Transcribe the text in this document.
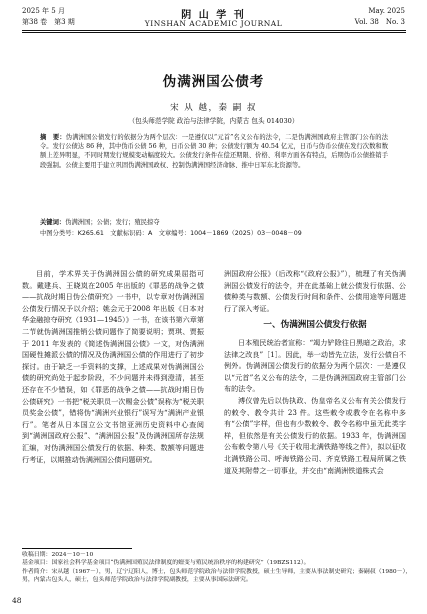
2025 年 5 月
第38 卷　第3 期
阴 山 学 刊
YINSHAN ACADEMIC JOURNAL
May. 2025
Vol. 38　No. 3
伪满洲国公债考
宋 从 越，秦 嗣 叔
（包头师范学院 政治与法律学院，内蒙古 包头 014030）
摘　要：伪满洲国公债发行的依据分为两个层次：一是遵仅以“元首”名义公布的法令，二是伪满洲国政府主管部门公布的法令。发行公债达 86 种，其中伪币公债 56 种，日币公债 30 种；公债发行额为 40.54 亿元，日币与伪币公债在发行次数和数额上差异明显，不同时期发行规模变动幅度较大。公债发行条件在偿还期限、价格、利率方面各有特点，后期伪币公债推销手段强制。公债主要用于建立巩固伪满洲国政权、控制伪满洲国经济命脉、推中日军东北资源等。
关键词：伪满洲国；公债；发行；殖民掠夺
中图分类号：K265.61　文献标识码：A　文章编号：1004－1869（2025）03－0048－09

目前，学术界关于伪满洲国公债的研究成果屈指可数。戴建兵、王晓岚在2005 年出版的《罪恶的战争之债——抗战时期日伪公债研究》一书中，以专章对伪满洲国公债发行情况予以介绍；姚会元于2008 年出版《日本对华金融掠夺研究（1931—1945）》一书，在该书第六章第二节就伪满洲国推销公债问题作了简要说明；贾琪、贾振于 2011 年发表的《简述伪满洲国公债》一文，对伪满洲国硬性摊派公债的情况及伪满洲国公债的作用进行了初步探讨。由于缺乏一手资料的支撑，上述成果对伪满洲国公债的研究尚处于起步阶段，不少问题并未得到澄清，甚至还存在不少错误，如《罪恶的战争之债——抗战时期日伪公债研究》一书把“税关职员一次赐金公债”误称为“税关职员奖金公债”，错将伪“满洲兴业银行”误写为“满洲产业银行”。笔者从日本国立公文书馆亚洲历史资料中心查阅到“满洲国政府公报”、“满洲国公报”及伪满洲国所存法规汇编，对伪满洲国公债发行的依据、种类、数额等问题进行考证，以期推动伪满洲国公债问题研究。

洲国政府公报》（后改称“《政府公报》”），梳理了有关伪满洲国公债发行的法令，并在此基础上就公债发行依据、公债种类与数额、公债发行时间和条件、公债用途等问题进行了深入考证。

一、伪满洲国公债发行依据

日本殖民统治者宣称：“竭力铲除往日黑暗之政治，求法律之改良”［1］。因此，举一动皆先立法，发行公债自不例外。伪满洲国公债发行的依据分为两个层次：一是遵仅以“元首”名义公布的法令，二是伪满洲国政府主管部门公布的法令。

溥仪曾先后以伪执政、伪皇帝名义公布有关公债发行的敕令、教令共计 23 件。这些敕令或教令在名称中多有“公债”字样，但也有少数敕令、教令名称中虽无此类字样，但依然是有关公债发行的依据。1933 年，伪满洲国公布敕令第八号《关于收用北满铁路等线之件》，拟以征收北满铁路公司、呼海铁路公司、齐克铁路工程局所属之铁道及其附带之一切事业，并交由“南满洲铁道株式会

收稿日期：2024－10－10
基金项目：国家社会科学基金项目“伪满洲国殖民法律制度的嬗变与殖民统治秩序的构建研究”（19BZS112）。
作者简介：宋从越（1967－），男，辽宁辽阳人，博士，包头师范学院政治与法律学院教授，硕士生导师，主要从事法制史研究；秦嗣叔（1980－），男，内蒙古包头人，硕士，包头师范学院政治与法律学院副教授，主要从事国际法研究。
48
